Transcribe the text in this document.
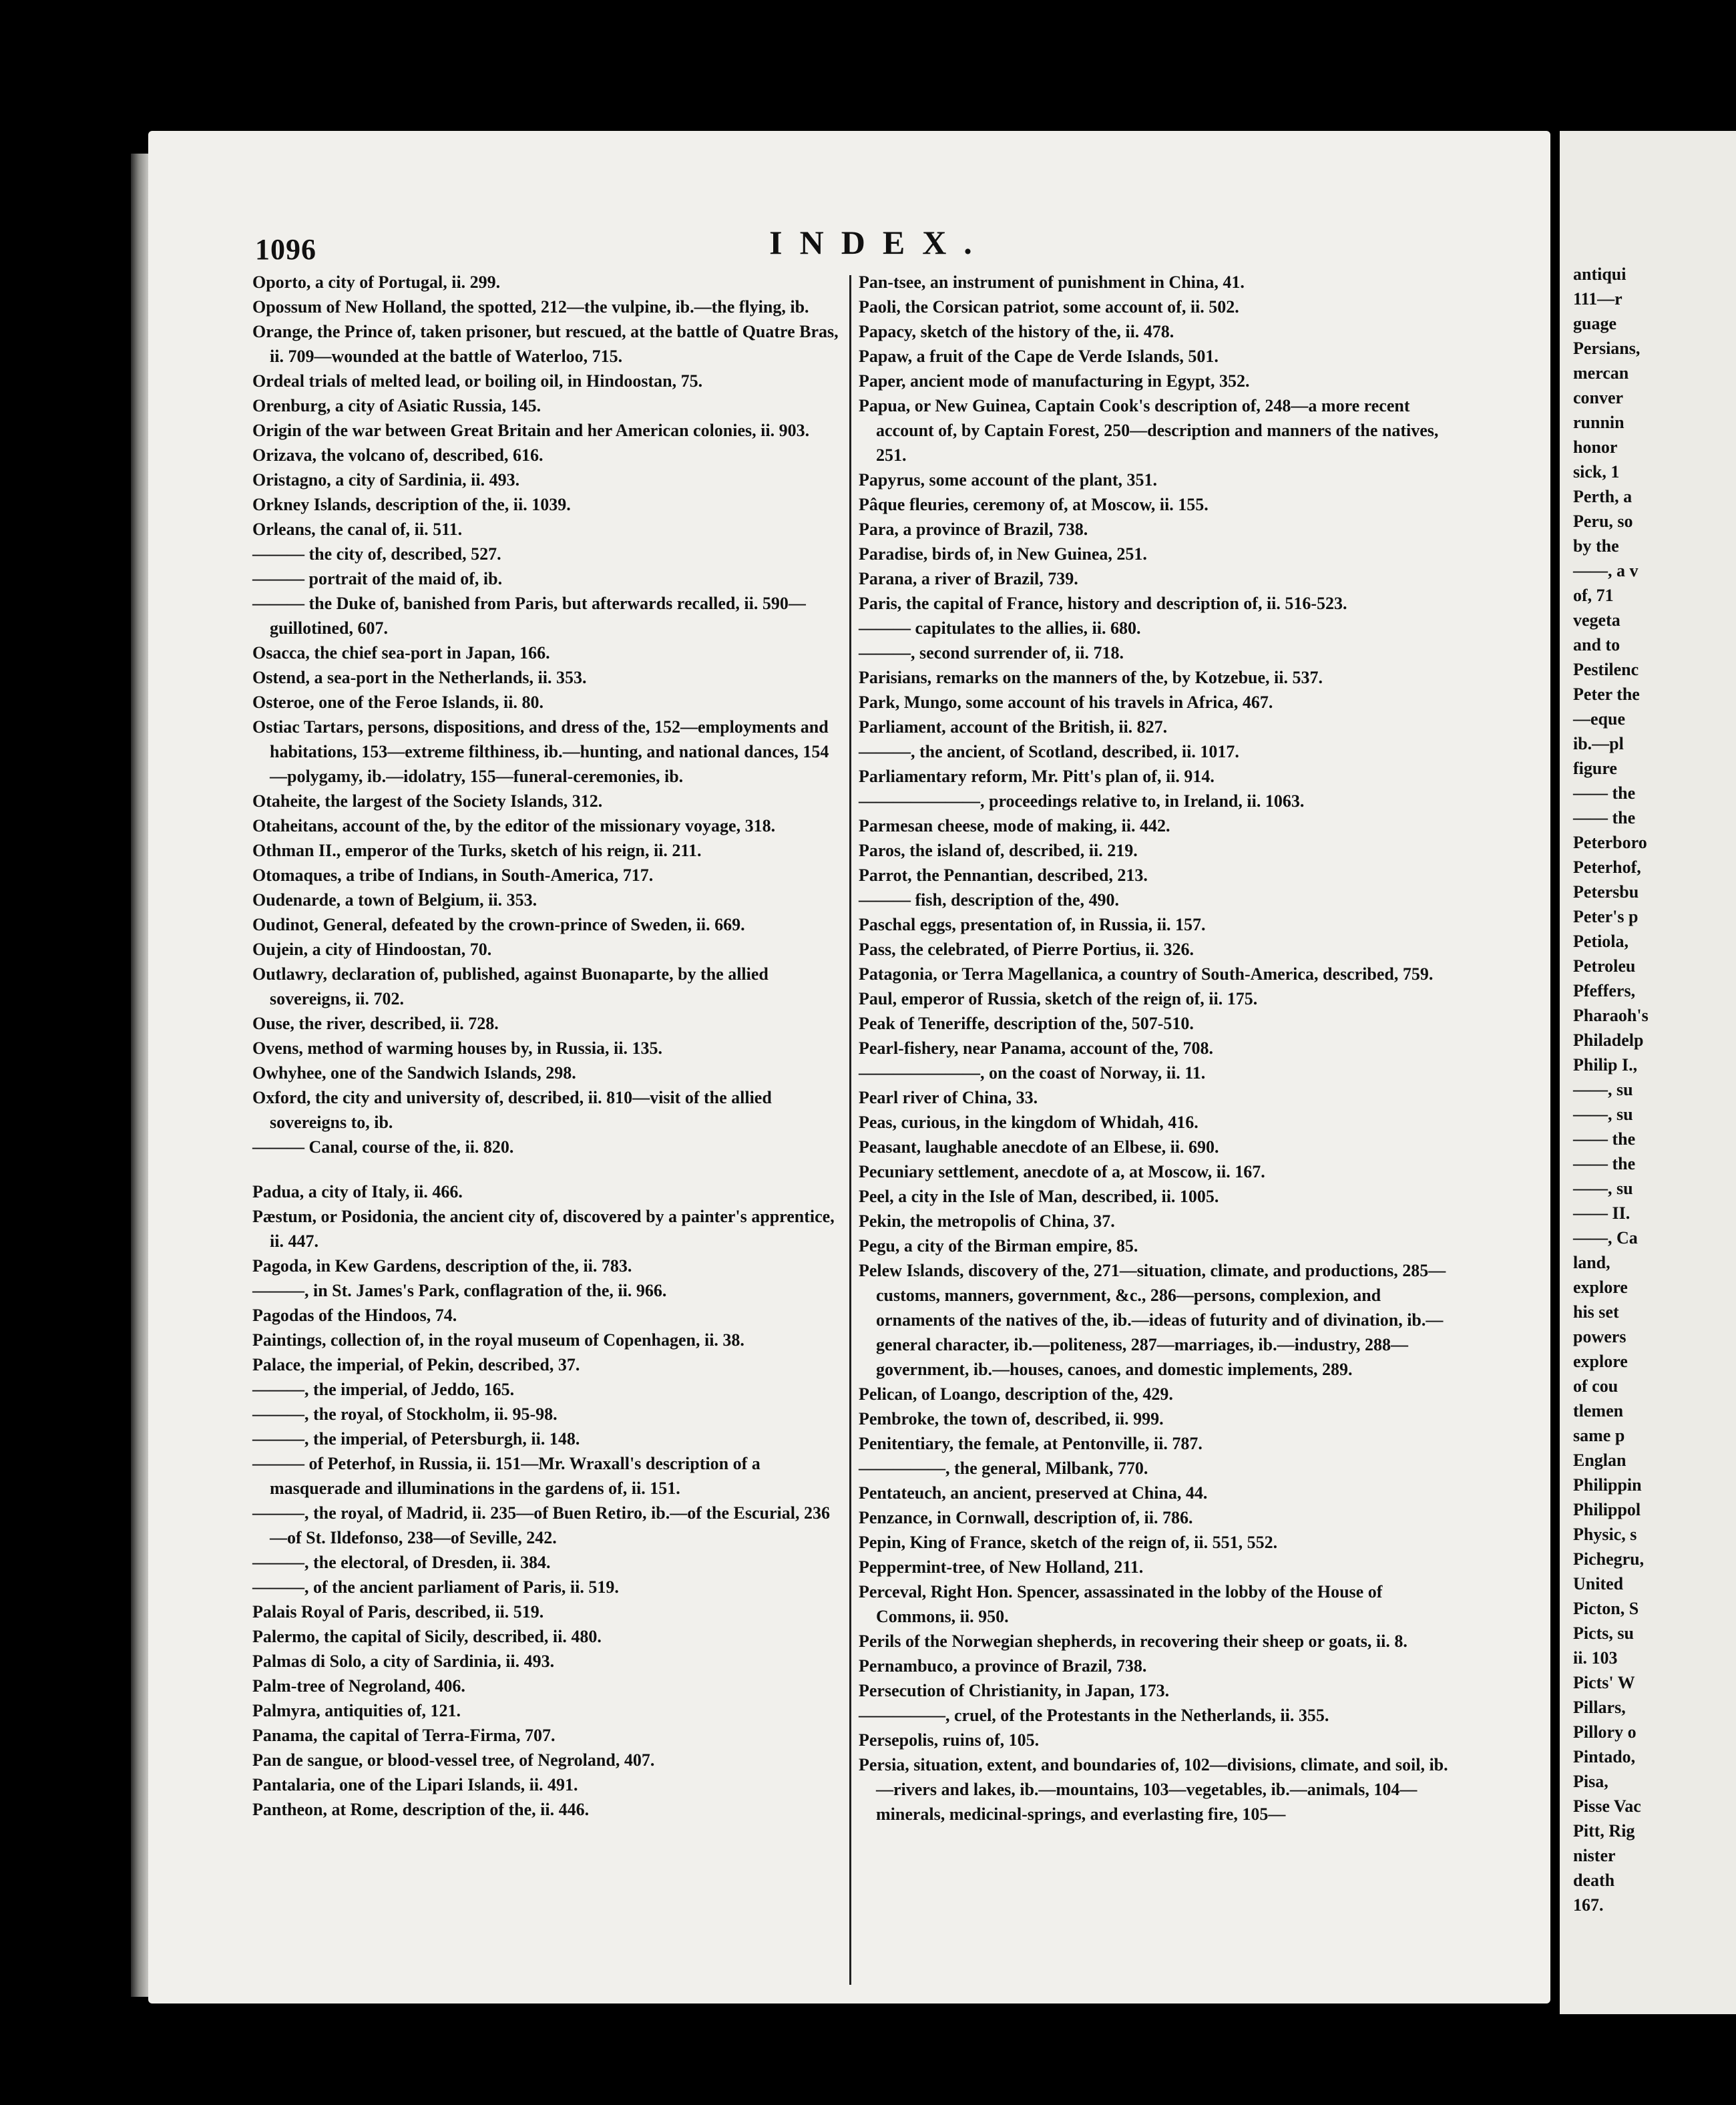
1096	INDEX.

Oporto, a city of Portugal, ii. 299.

Opossum of New Holland, the spotted, 212—the vulpine, ib.—the flying, ib.

Orange, the Prince of, taken prisoner, but rescued, at the battle of Quatre Bras, ii. 709—wounded at the battle of Waterloo, 715.

Ordeal trials of melted lead, or boiling oil, in Hindoostan, 75.

Orenburg, a city of Asiatic Russia, 145.

Origin of the war between Great Britain and her American colonies, ii. 903.

Orizava, the volcano of, described, 616.

Oristagno, a city of Sardinia, ii. 493.

Orkney Islands, description of the, ii. 1039.

Orleans, the canal of, ii. 511.

——— the city of, described, 527.

——— portrait of the maid of, ib.

——— the Duke of, banished from Paris, but afterwards recalled, ii. 590—guillotined, 607.

Osacca, the chief sea-port in Japan, 166.

Ostend, a sea-port in the Netherlands, ii. 353.

Osteroe, one of the Feroe Islands, ii. 80.

Ostiac Tartars, persons, dispositions, and dress of the, 152—employments and habitations, 153—extreme filthiness, ib.—hunting, and national dances, 154—polygamy, ib.—idolatry, 155—funeral-ceremonies, ib.

Otaheite, the largest of the Society Islands, 312.

Otaheitans, account of the, by the editor of the missionary voyage, 318.

Othman II., emperor of the Turks, sketch of his reign, ii. 211.

Otomaques, a tribe of Indians, in South-America, 717.

Oudenarde, a town of Belgium, ii. 353.

Oudinot, General, defeated by the crown-prince of Sweden, ii. 669.

Oujein, a city of Hindoostan, 70.

Outlawry, declaration of, published, against Buonaparte, by the allied sovereigns, ii. 702.

Ouse, the river, described, ii. 728.

Ovens, method of warming houses by, in Russia, ii. 135.

Owhyhee, one of the Sandwich Islands, 298.

Oxford, the city and university of, described, ii. 810—visit of the allied sovereigns to, ib.

——— Canal, course of the, ii. 820.

Padua, a city of Italy, ii. 466.

Pæstum, or Posidonia, the ancient city of, discovered by a painter's apprentice, ii. 447.

Pagoda, in Kew Gardens, description of the, ii. 783.

———, in St. James's Park, conflagration of the, ii. 966.

Pagodas of the Hindoos, 74.

Paintings, collection of, in the royal museum of Copenhagen, ii. 38.

Palace, the imperial, of Pekin, described, 37.

———, the imperial, of Jeddo, 165.

———, the royal, of Stockholm, ii. 95-98.

———, the imperial, of Petersburgh, ii. 148.

——— of Peterhof, in Russia, ii. 151—Mr. Wraxall's description of a masquerade and illuminations in the gardens of, ii. 151.

———, the royal, of Madrid, ii. 235—of Buen Retiro, ib.—of the Escurial, 236—of St. Ildefonso, 238—of Seville, 242.

———, the electoral, of Dresden, ii. 384.

———, of the ancient parliament of Paris, ii. 519.

Palais Royal of Paris, described, ii. 519.

Palermo, the capital of Sicily, described, ii. 480.

Palmas di Solo, a city of Sardinia, ii. 493.

Palm-tree of Negroland, 406.

Palmyra, antiquities of, 121.

Panama, the capital of Terra-Firma, 707.

Pan de sangue, or blood-vessel tree, of Negroland, 407.

Pantalaria, one of the Lipari Islands, ii. 491.

Pantheon, at Rome, description of the, ii. 446.

Pan-tsee, an instrument of punishment in China, 41.

Paoli, the Corsican patriot, some account of, ii. 502.

Papacy, sketch of the history of the, ii. 478.

Papaw, a fruit of the Cape de Verde Islands, 501.

Paper, ancient mode of manufacturing in Egypt, 352.

Papua, or New Guinea, Captain Cook's description of, 248—a more recent account of, by Captain Forest, 250—description and manners of the natives, 251.

Papyrus, some account of the plant, 351.

Pâque fleuries, ceremony of, at Moscow, ii. 155.

Para, a province of Brazil, 738.

Paradise, birds of, in New Guinea, 251.

Parana, a river of Brazil, 739.

Paris, the capital of France, history and description of, ii. 516-523.

——— capitulates to the allies, ii. 680.

———, second surrender of, ii. 718.

Parisians, remarks on the manners of the, by Kotzebue, ii. 537.

Park, Mungo, some account of his travels in Africa, 467.

Parliament, account of the British, ii. 827.

———, the ancient, of Scotland, described, ii. 1017.

Parliamentary reform, Mr. Pitt's plan of, ii. 914.

———————, proceedings relative to, in Ireland, ii. 1063.

Parmesan cheese, mode of making, ii. 442.

Paros, the island of, described, ii. 219.

Parrot, the Pennantian, described, 213.

——— fish, description of the, 490.

Paschal eggs, presentation of, in Russia, ii. 157.

Pass, the celebrated, of Pierre Portius, ii. 326.

Patagonia, or Terra Magellanica, a country of South-America, described, 759.

Paul, emperor of Russia, sketch of the reign of, ii. 175.

Peak of Teneriffe, description of the, 507-510.

Pearl-fishery, near Panama, account of the, 708.

———————, on the coast of Norway, ii. 11.

Pearl river of China, 33.

Peas, curious, in the kingdom of Whidah, 416.

Peasant, laughable anecdote of an Elbese, ii. 690.

Pecuniary settlement, anecdote of a, at Moscow, ii. 167.

Peel, a city in the Isle of Man, described, ii. 1005.

Pekin, the metropolis of China, 37.

Pegu, a city of the Birman empire, 85.

Pelew Islands, discovery of the, 271—situation, climate, and productions, 285—customs, manners, government, &c., 286—persons, complexion, and ornaments of the natives of the, ib.—ideas of futurity and of divination, ib.—general character, ib.—politeness, 287—marriages, ib.—industry, 288—government, ib.—houses, canoes, and domestic implements, 289.

Pelican, of Loango, description of the, 429.

Pembroke, the town of, described, ii. 999.

Penitentiary, the female, at Pentonville, ii. 787.

—————, the general, Milbank, 770.

Pentateuch, an ancient, preserved at China, 44.

Penzance, in Cornwall, description of, ii. 786.

Pepin, King of France, sketch of the reign of, ii. 551, 552.

Peppermint-tree, of New Holland, 211.

Perceval, Right Hon. Spencer, assassinated in the lobby of the House of Commons, ii. 950.

Perils of the Norwegian shepherds, in recovering their sheep or goats, ii. 8.

Pernambuco, a province of Brazil, 738.

Persecution of Christianity, in Japan, 173.

—————, cruel, of the Protestants in the Netherlands, ii. 355.

Persepolis, ruins of, 105.

Persia, situation, extent, and boundaries of, 102—divisions, climate, and soil, ib.—rivers and lakes, ib.—mountains, 103—vegetables, ib.—animals, 104—minerals, medicinal-springs, and everlasting fire, 105—

antiqui
111—r
guage
Persians,
mercan
conver
runnin
honor
sick, 1
Perth, a
Peru, so
by the
——, a v
of, 71
vegeta
and to
Pestilenc
Peter the
—eque
ib.—pl
figure
—— the
—— the
Peterboro
Peterhof,
Petersbu
Peter's p
Petiola,
Petroleu
Pfeffers,
Pharaoh's
Philadelp
Philip I.,
——, su
——, su
—— the
—— the
——, su
—— II.
——, Ca
land,
explore
his set
powers
explore
of cou
tlemen
same p
Englan
Philippin
Philippol
Physic, s
Pichegru,
United
Picton, S
Picts, su
ii. 103
Picts' W
Pillars,
Pillory o
Pintado,
Pisa,
Pisse Vac
Pitt, Rig
nister
death
167.
